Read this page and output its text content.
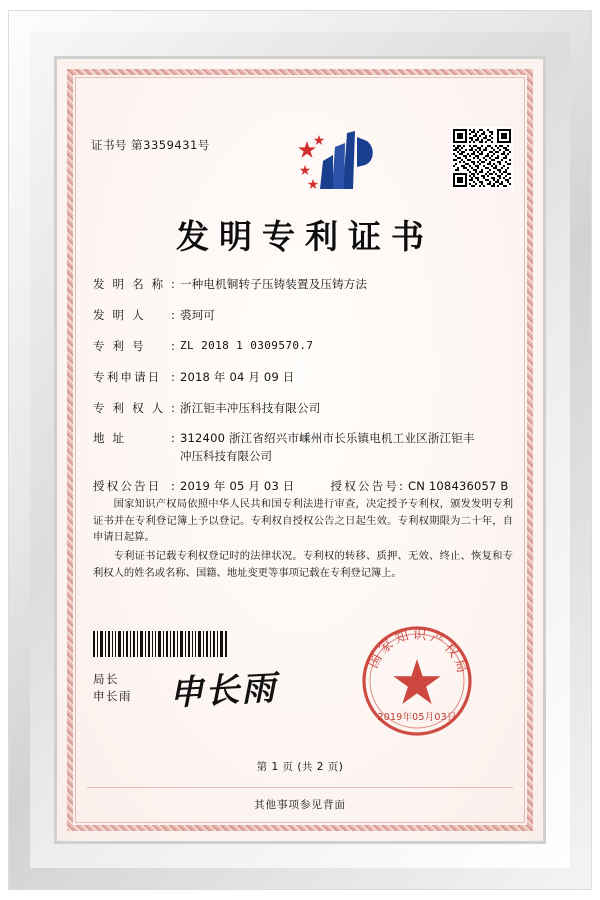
证书号 第3359431号
发明专利证书
发 明 名 称 : 一种电机铜转子压铸装置及压铸方法
发 明 人	: 裘珂可
专 利 号	: ZL 2018 1 0309570.7
专利申请日 : 2018 年 04 月 09 日
专 利 权 人 : 浙江钜丰冲压科技有限公司
地 址	: 312400 浙江省绍兴市嵊州市长乐镇电机工业区浙江钜丰
冲压科技有限公司
授权公告日 : 2019 年 05 月 03 日	授权公告号 : CN 108436057 B

国家知识产权局依照中华人民共和国专利法进行审查，决定授予专利权，颁发发明专利证书并在专利登记簿上予以登记。专利权自授权公告之日起生效。专利权期限为二十年，自申请日起算。

专利证书记载专利权登记时的法律状况。专利权的转移、质押、无效、终止、恢复和专利权人的姓名或名称、国籍、地址变更等事项记载在专利登记簿上。

局长
申长雨 申长雨
国家知识产权局
2019年05月03日
第 1 页 (共 2 页)
其他事项参见背面
